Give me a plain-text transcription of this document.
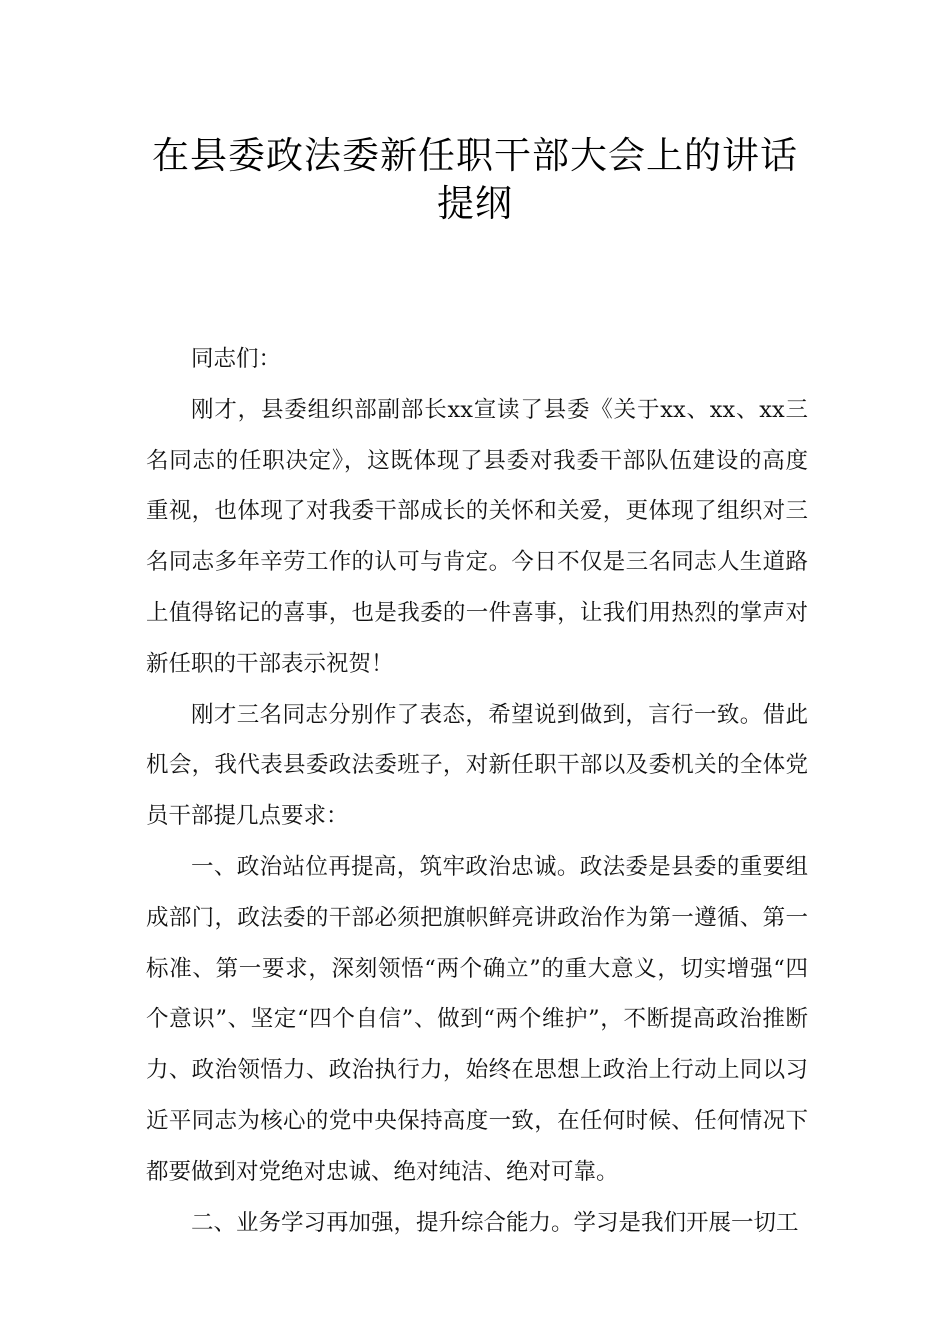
在县委政法委新任职干部大会上的讲话
提纲

同志们：

刚才，县委组织部副部长xx宣读了县委《关于xx、xx、xx三名同志的任职决定》，这既体现了县委对我委干部队伍建设的高度重视，也体现了对我委干部成长的关怀和关爱，更体现了组织对三名同志多年辛劳工作的认可与肯定。今日不仅是三名同志人生道路上值得铭记的喜事，也是我委的一件喜事，让我们用热烈的掌声对新任职的干部表示祝贺！

刚才三名同志分别作了表态，希望说到做到，言行一致。借此机会，我代表县委政法委班子，对新任职干部以及委机关的全体党员干部提几点要求：

一、政治站位再提高，筑牢政治忠诚。政法委是县委的重要组成部门，政法委的干部必须把旗帜鲜亮讲政治作为第一遵循、第一标准、第一要求，深刻领悟“两个确立”的重大意义，切实增强“四个意识”、坚定“四个自信”、做到“两个维护”，不断提高政治推断力、政治领悟力、政治执行力，始终在思想上政治上行动上同以习近平同志为核心的党中央保持高度一致，在任何时候、任何情况下都要做到对党绝对忠诚、绝对纯洁、绝对可靠。

二、业务学习再加强，提升综合能力。学习是我们开展一切工
